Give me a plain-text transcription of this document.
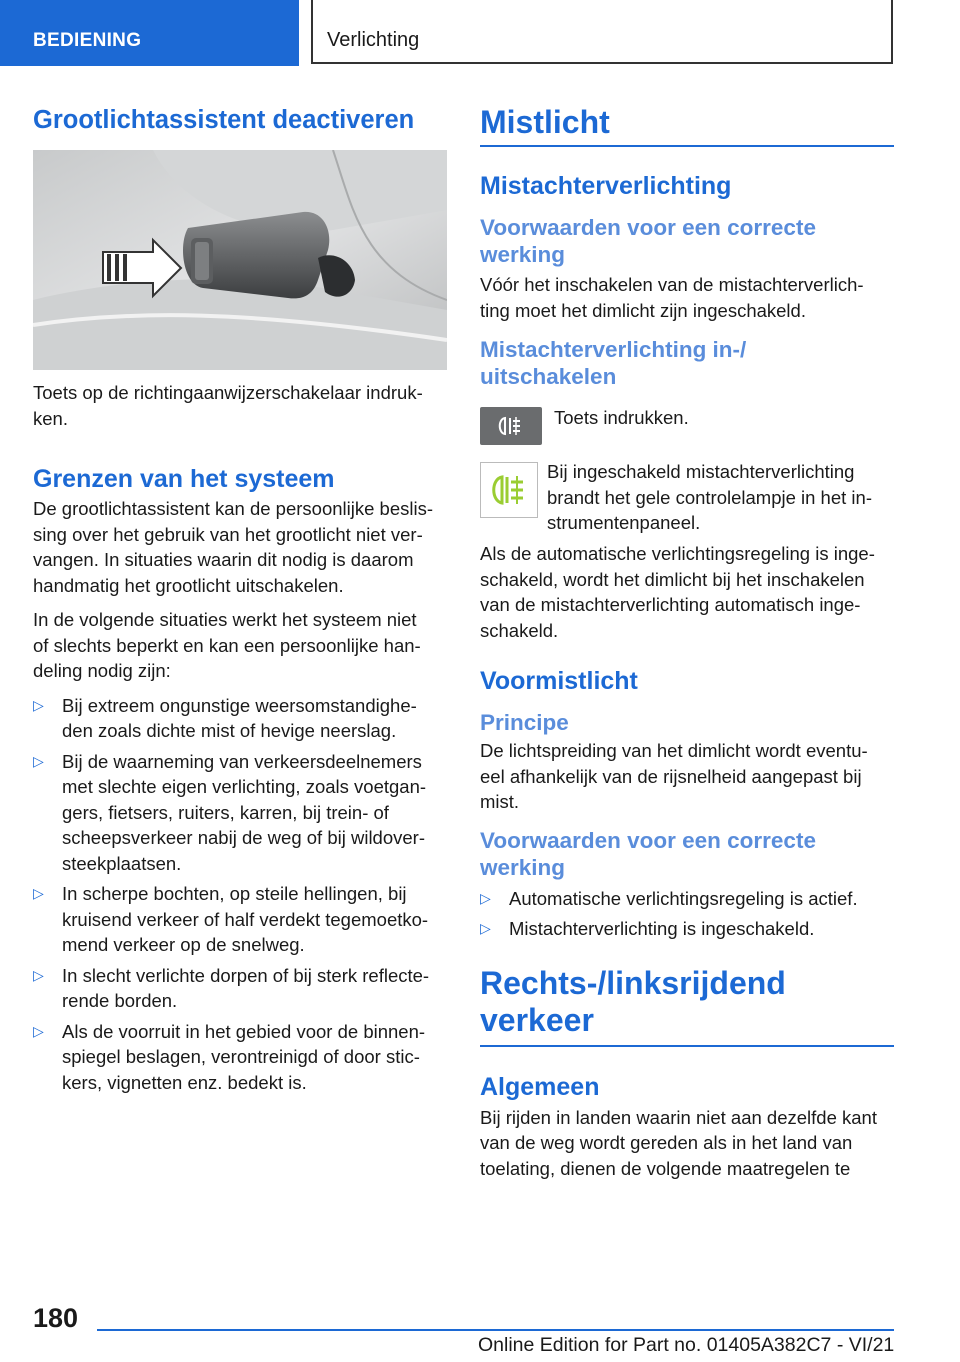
BEDIENING	Verlichting
Grootlichtassistent deactiveren

Toets op de richtingaanwijzerschakelaar indruk-
ken.

Grenzen van het systeem

De grootlichtassistent kan de persoonlijke beslis-
sing over het gebruik van het grootlicht niet ver-
vangen. In situaties waarin dit nodig is daarom
handmatig het grootlicht uitschakelen.

In de volgende situaties werkt het systeem niet
of slechts beperkt en kan een persoonlijke han-
deling nodig zijn:

▷ Bij extreem ongunstige weersomstandighe-
den zoals dichte mist of hevige neerslag.
▷ Bij de waarneming van verkeersdeelnemers
met slechte eigen verlichting, zoals voetgan-
gers, fietsers, ruiters, karren, bij trein- of
scheepsverkeer nabij de weg of bij wildover-
steekplaatsen.
▷ In scherpe bochten, op steile hellingen, bij
kruisend verkeer of half verdekt tegemoetko-
mend verkeer op de snelweg.
▷ In slecht verlichte dorpen of bij sterk reflecte-
rende borden.
▷ Als de voorruit in het gebied voor de binnen-
spiegel beslagen, verontreinigd of door stic-
kers, vignetten enz. bedekt is.
Mistlicht
Mistachterverlichting
Voorwaarden voor een correcte
werking

Vóór het inschakelen van de mistachterverlich-
ting moet het dimlicht zijn ingeschakeld.

Mistachterverlichting in-/
uitschakelen

Toets indrukken.

Bij ingeschakeld mistachterverlichting
brandt het gele controlelampje in het in-
strumentenpaneel.

Als de automatische verlichtingsregeling is inge-
schakeld, wordt het dimlicht bij het inschakelen
van de mistachterverlichting automatisch inge-
schakeld.

Voormistlicht
Principe

De lichtspreiding van het dimlicht wordt eventu-
eel afhankelijk van de rijsnelheid aangepast bij
mist.

Voorwaarden voor een correcte
werking
▷ Automatische verlichtingsregeling is actief.
▷ Mistachterverlichting is ingeschakeld.
Rechts-/linksrijdend
verkeer
Algemeen

Bij rijden in landen waarin niet aan dezelfde kant
van de weg wordt gereden als in het land van
toelating, dienen de volgende maatregelen te

180
Online Edition for Part no. 01405A382C7 - VI/21
